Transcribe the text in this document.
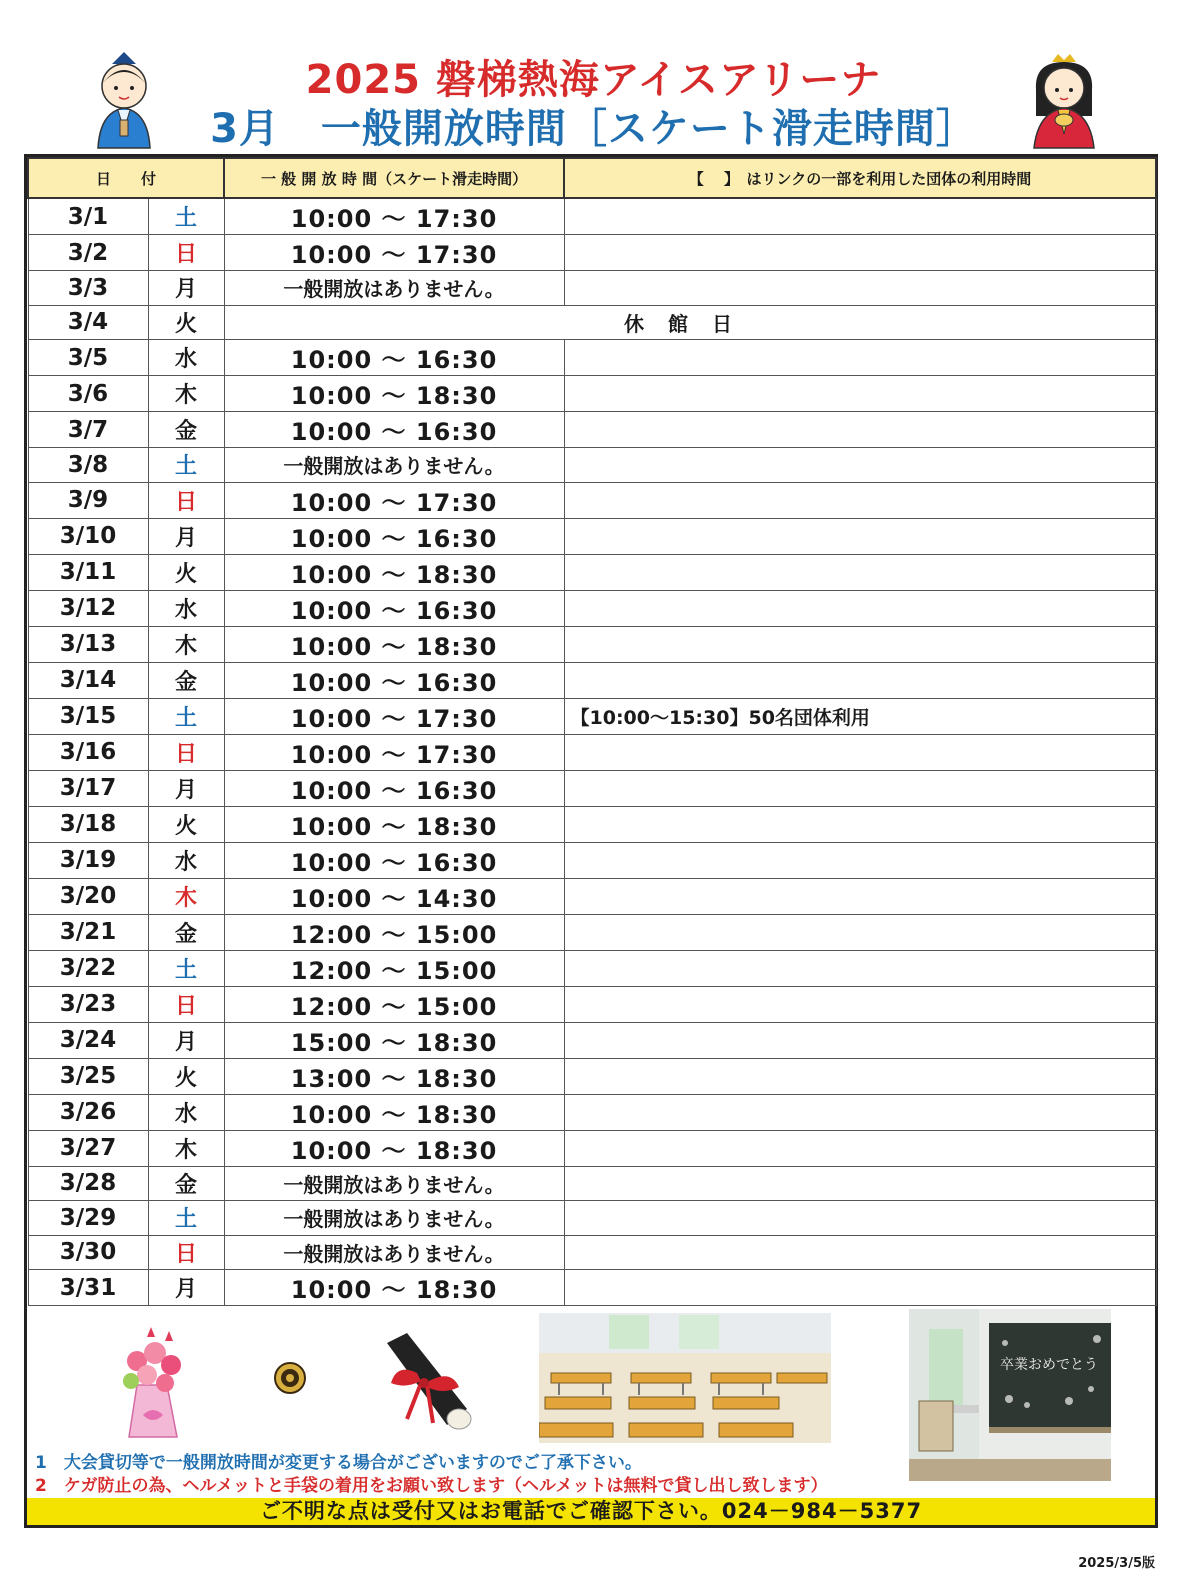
2025 磐梯熱海アイスアリーナ
3月　一般開放時間［スケート滑走時間］
日　　付		一 般 開 放 時 間（スケート滑走時間）	【　 】　はリンクの一部を利用した団体の利用時間
3/1	土	10:00 ～ 17:30	
3/2	日	10:00 ～ 17:30	
3/3	月	一般開放はありません。	
3/4	火	休館日	
3/5	水	10:00 ～ 16:30	
3/6	木	10:00 ～ 18:30	
3/7	金	10:00 ～ 16:30	
3/8	土	一般開放はありません。	
3/9	日	10:00 ～ 17:30	
3/10	月	10:00 ～ 16:30	
3/11	火	10:00 ～ 18:30	
3/12	水	10:00 ～ 16:30	
3/13	木	10:00 ～ 18:30	
3/14	金	10:00 ～ 16:30	
3/15	土	10:00 ～ 17:30	【10:00～15:30】50名団体利用
3/16	日	10:00 ～ 17:30	
3/17	月	10:00 ～ 16:30	
3/18	火	10:00 ～ 18:30	
3/19	水	10:00 ～ 16:30	
3/20	木	10:00 ～ 14:30	
3/21	金	12:00 ～ 15:00	
3/22	土	12:00 ～ 15:00	
3/23	日	12:00 ～ 15:00	
3/24	月	15:00 ～ 18:30	
3/25	火	13:00 ～ 18:30	
3/26	水	10:00 ～ 18:30	
3/27	木	10:00 ～ 18:30	
3/28	金	一般開放はありません。	
3/29	土	一般開放はありません。	
3/30	日	一般開放はありません。	
3/31	月	10:00 ～ 18:30	
卒業おめでとう
1　大会貸切等で一般開放時間が変更する場合がございますのでご了承下さい。
2　ケガ防止の為、ヘルメットと手袋の着用をお願い致します（ヘルメットは無料で貸し出し致します）
ご不明な点は受付又はお電話でご確認下さい。024－984－5377
2025/3/5版
